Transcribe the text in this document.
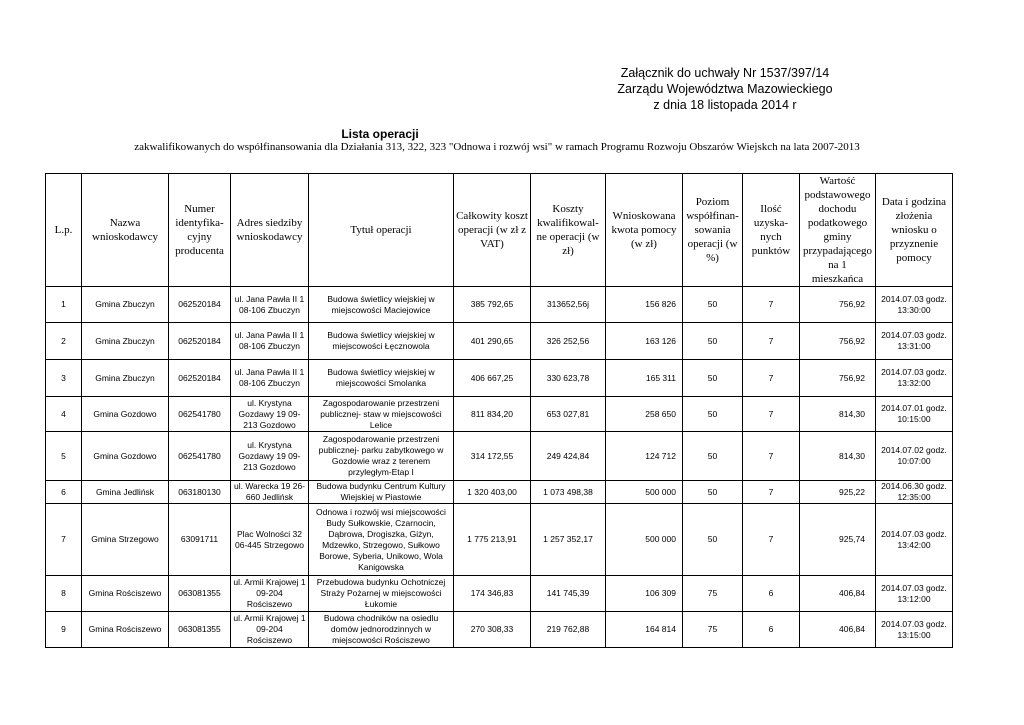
Załącznik do uchwały Nr 1537/397/14
Zarządu Województwa Mazowieckiego
z dnia 18 listopada 2014 r
Lista operacji
zakwalifikowanych do współfinansowania dla Działania 313, 322, 323 "Odnowa i rozwój wsi" w ramach Programu Rozwoju Obszarów Wiejskch na lata 2007-2013
L.p.	Nazwa wnioskodawcy	Numer identyfika-cyjny producenta	Adres siedziby wnioskodawcy	Tytuł operacji	Całkowity koszt operacji (w zł z VAT)	Koszty kwalifikowal-ne operacji (w zł)	Wnioskowana kwota pomocy (w zł)	Poziom współfinan-sowania operacji (w %)	Ilość uzyska-nych punktów	Wartość podstawowego dochodu podatkowego gminy przypadającego na 1 mieszkańca	Data i godzina złożenia wniosku o przyznenie pomocy
1	Gmina Zbuczyn	062520184	ul. Jana Pawła II 1 08-106 Zbuczyn	Budowa świetlicy wiejskiej w miejscowości Maciejowice	385 792,65	313652,56j	156 826	50	7	756,92	2014.07.03 godz. 13:30:00
2	Gmina Zbuczyn	062520184	ul. Jana Pawła II 1 08-106 Zbuczyn	Budowa świetlicy wiejskiej w miejscowości Łęcznowola	401 290,65	326 252,56	163 126	50	7	756,92	2014.07.03 godz. 13:31:00
3	Gmina Zbuczyn	062520184	ul. Jana Pawła II 1 08-106 Zbuczyn	Budowa świetlicy wiejskiej w miejscowości Smolanka	406 667,25	330 623,78	165 311	50	7	756,92	2014.07.03 godz. 13:32:00
4	Gmina Gozdowo	062541780	ul. Krystyna Gozdawy 19 09-213 Gozdowo	Zagospodarowanie przestrzeni publicznej- staw w miejscowości Lelice	811 834,20	653 027,81	258 650	50	7	814,30	2014.07.01 godz. 10:15:00
5	Gmina Gozdowo	062541780	ul. Krystyna Gozdawy 19 09-213 Gozdowo	Zagospodarowanie przestrzeni publicznej- parku zabytkowego w Gozdowie wraz z terenem przyległym-Etap I	314 172,55	249 424,84	124 712	50	7	814,30	2014.07.02 godz. 10:07:00
6	Gmina Jedlińsk	063180130	ul. Warecka 19 26-660 Jedlińsk	Budowa budynku Centrum Kultury Wiejskiej w Piastowie	1 320 403,00	1 073 498,38	500 000	50	7	925,22	2014.06.30 godz. 12:35:00
7	Gmina Strzegowo	63091711	Plac Wolności 32 06-445 Strzegowo	Odnowa i rozwój wsi miejscowości Budy Sułkowskie, Czarnocin, Dąbrowa, Drogiszka, Giżyn, Mdzewko, Strzegowo, Sułkowo Borowe, Syberia, Unikowo, Wola Kanigowska	1 775 213,91	1 257 352,17	500 000	50	7	925,74	2014.07.03 godz. 13:42:00
8	Gmina Rościszewo	063081355	ul. Armii Krajowej 1 09-204 Rościszewo	Przebudowa budynku Ochotniczej Straży Pożarnej w miejscowości Łukomie	174 346,83	141 745,39	106 309	75	6	406,84	2014.07.03 godz. 13:12:00
9	Gmina Rościszewo	063081355	ul. Armii Krajowej 1 09-204 Rościszewo	Budowa chodników na osiedlu domów jednorodzinnych w miejscowości Rościszewo	270 308,33	219 762,88	164 814	75	6	406,84	2014.07.03 godz. 13:15:00
